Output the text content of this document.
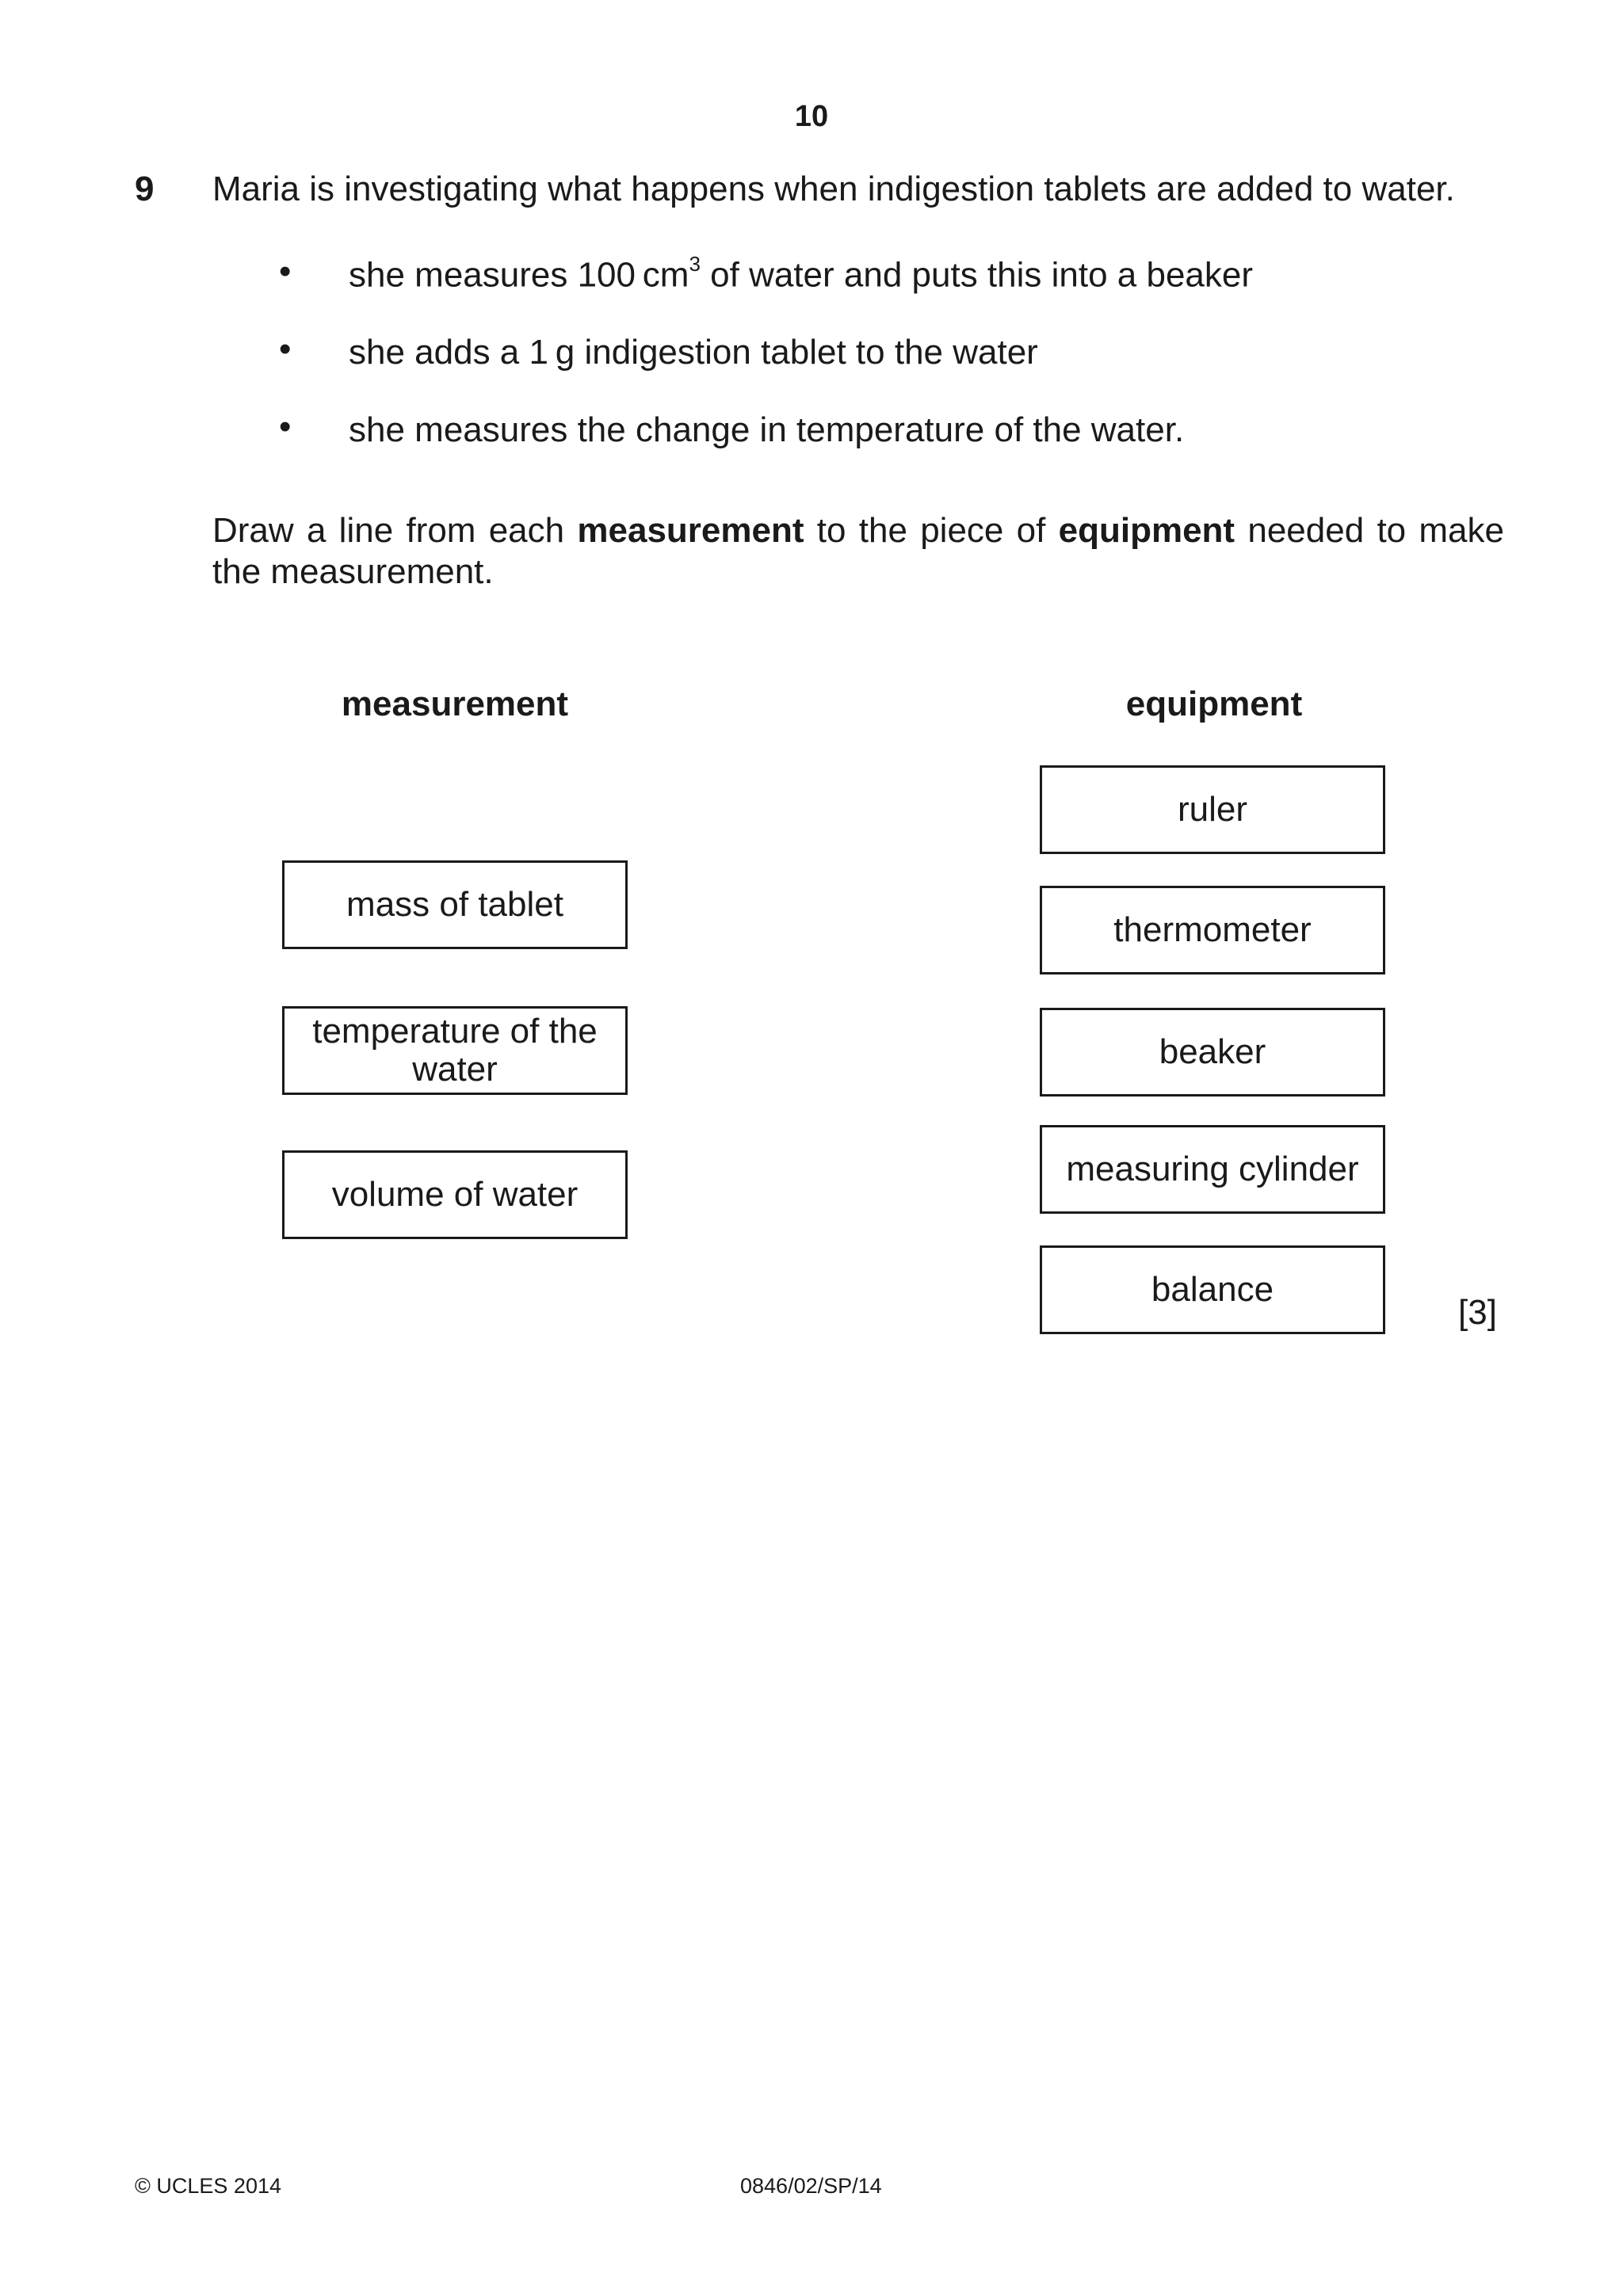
10
9 Maria is investigating what happens when indigestion tablets are added to water.
• she measures 100 $cm^3$ of water and puts this into a beaker
• she adds a 1 g indigestion tablet to the water
• she measures the change in temperature of the water.
Draw a line from each measurement to the piece of equipment needed to make the measurement.
measurement	equipment
mass of tablet
temperature of the water
volume of water
ruler
thermometer
beaker
measuring cylinder
balance
[3]
© UCLES 2014	0846/02/SP/14
